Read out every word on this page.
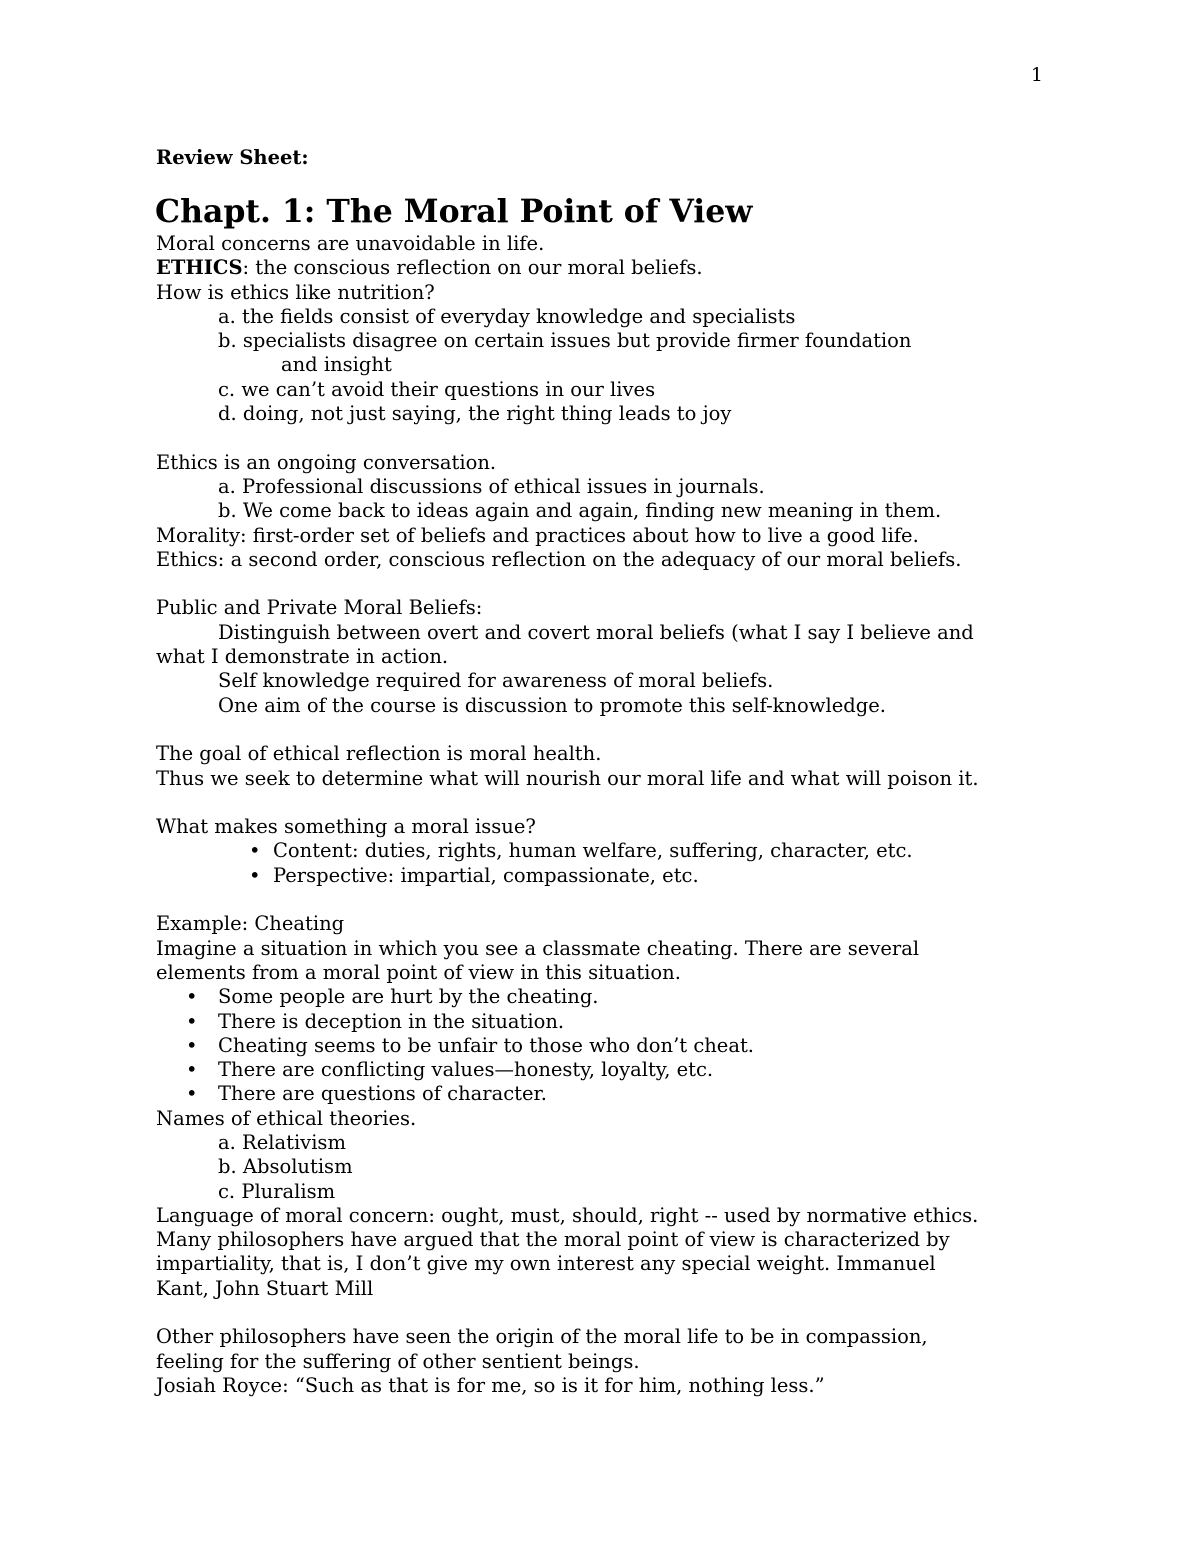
1
Review Sheet:
Chapt. 1: The Moral Point of View
Moral concerns are unavoidable in life.
ETHICS: the conscious reflection on our moral beliefs.
How is ethics like nutrition?
a. the fields consist of everyday knowledge and specialists
b. specialists disagree on certain issues but provide firmer foundation
and insight
c. we can’t avoid their questions in our lives
d. doing, not just saying, the right thing leads to joy
Ethics is an ongoing conversation.
a. Professional discussions of ethical issues in journals.
b. We come back to ideas again and again, finding new meaning in them.
Morality: first-order set of beliefs and practices about how to live a good life.
Ethics: a second order, conscious reflection on the adequacy of our moral beliefs.
Public and Private Moral Beliefs:
Distinguish between overt and covert moral beliefs (what I say I believe and
what I demonstrate in action.
Self knowledge required for awareness of moral beliefs.
One aim of the course is discussion to promote this self-knowledge.
The goal of ethical reflection is moral health.
Thus we seek to determine what will nourish our moral life and what will poison it.
What makes something a moral issue?
• Content: duties, rights, human welfare, suffering, character, etc.
• Perspective: impartial, compassionate, etc.
Example: Cheating
Imagine a situation in which you see a classmate cheating. There are several
elements from a moral point of view in this situation.
• Some people are hurt by the cheating.
• There is deception in the situation.
• Cheating seems to be unfair to those who don’t cheat.
• There are conflicting values—honesty, loyalty, etc.
• There are questions of character.
Names of ethical theories.
a. Relativism
b. Absolutism
c. Pluralism
Language of moral concern: ought, must, should, right -- used by normative ethics.
Many philosophers have argued that the moral point of view is characterized by
impartiality, that is, I don’t give my own interest any special weight. Immanuel
Kant, John Stuart Mill
Other philosophers have seen the origin of the moral life to be in compassion,
feeling for the suffering of other sentient beings.
Josiah Royce: “Such as that is for me, so is it for him, nothing less.”
